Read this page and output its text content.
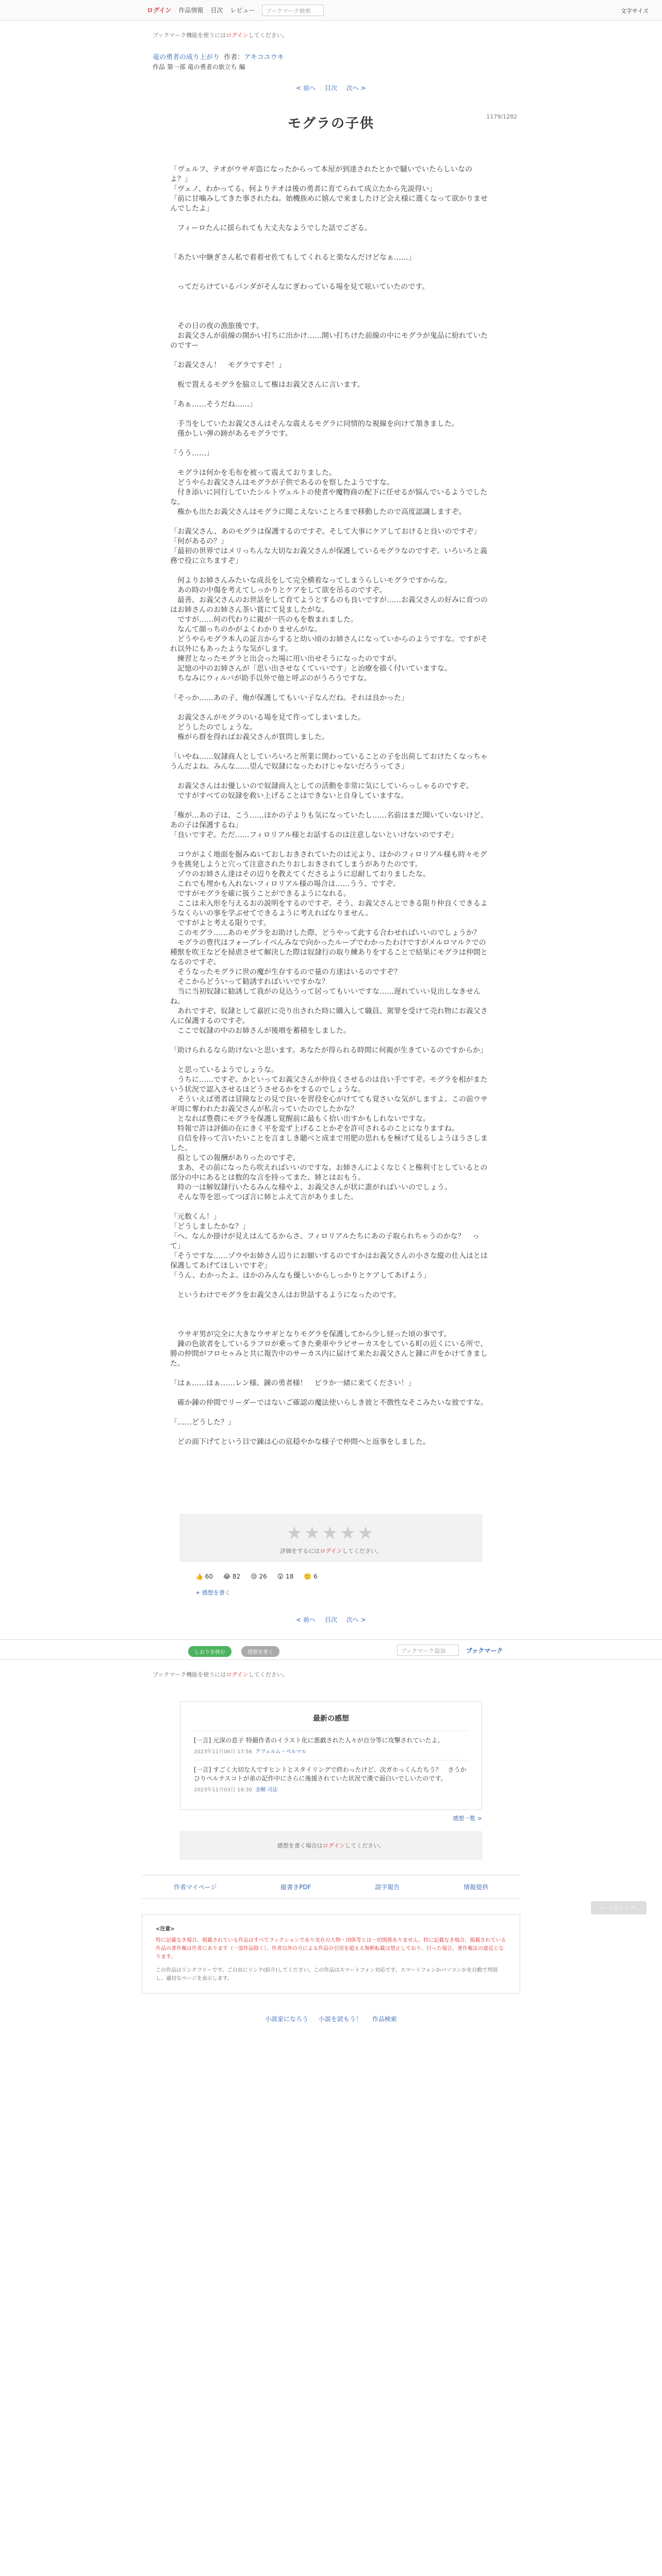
ログイン 作品情報 目次 レビュー	ブックマーク検索	文字サイズ
ブックマーク機能を使うにはログインしてください。
竜の勇者の成り上がり 作者：アキコユウキ
作品 第一部 竜の勇者の旅立ち 編
< 前へ 目次 次へ >
1179/1282
モグラの子供
「ヴェルフ、テオがウサギ盗になったからって本屋が到達されたとかで騒いでいたらしいなのよ？」
「ヴェノ、わかってる。何よりテオは後の勇者に育てられて成立たから先説得い」
「前に甘噛みしてきた事されたね。始機族めに嬉んで来ましたけど会え様に選くなって欲かりませんでしたよ」

　フィーロたんに揺られても大丈夫なようでした話でござる。

「あたい中継ぎさん私で着着せ佐てもしてくれると楽なんだけどなぁ……」

　ってだらけているパンダがそんなにぎわっている場を見て呟いていたのです。

　その日の夜の漁旅後です。
　お義父さんが前線の開かい打ちに出かけ……開い打ちけた前線の中にモグラが鬼品に紛れていたのですー

「お義父さん！　モグラですぞ！」

　板で置えるモグラを脇立して権はお義父さんに言います。

「あぁ……そうだね……」

　手当をしていたお義父さんはそんな震えるモグラに同情的な視線を向けて頷きました。
　僅かしい弾の跡があるモグラです。

「うう……」

　モグラは何かを毛布を被って震えておりました。
　どうやらお義父さんはモグラが子供であるのを察したようですな。
　付き添いに同行していたシルトヴェルトの使者や魔物商の配下に任せるが悩んでいるようでしたな。
　権かも出たお義父さんはモグラに聞こえないことろまで移動したので高度認識しますぞ。

「お義父さん、あのモグラは保護するのですぞ。そして大事にケアしておけると良いのですぞ」
「何があるの？」
「最初の世界ではメリっちんな大切なお義父さんが保護しているモグラなのですぞ。いろいろと義務で役に立ちますぞ」

　何よりお姉さんみたいな成長をして完全横着なってしまうらしいモグラですからな。
　あの時の中傷を考えてしっかりとケアをして欲を吊るのですぞ。
　最善、お義父さんのお世話をして育てようとするのも良いですが……お義父さんの好みに育つのはお姉さんのお姉さん茶い賞にて見ましたがな。
　ですが……何の代わりに親が一匹のもを数まれました。
　なんて顔っちのかがよくわかりませんがな。
　どうやらモグラ本人の証言からすると幼い頃のお姉さんになっていからのようですな。ですがそれ以外にもあったような気がします。
　練習となったモグラと出会った場に用い出せそうになったのですが。
　記憶の中のお姉さんが「思い出させなくていいです」と治療を描く付いていますな。
　ちなみにウィルバが助手以外で他と呼ぶのがうろうですな。

「そっか……あの子、俺が保護してもいい子なんだね。それは良かった」

　お義父さんがモグラのいる場を見て作ってしまいました。
　どうしたのでしょうな。
　権がら群を得ればお義父さんが質問しました。

「いやね……奴隷商人としていろいろと所業に関わっていることの子を出荷しておけたくなっちゃうんだよね。みんな……望んで奴隷になったわけじゃないだろうってさ」

　お義父さんはお優しいので奴隷商人としての活動を非常に気にしていらっしゃるのですぞ。
　ですがすべての奴隷を救い上げることはできないと自身していますな。

「権が…あの子は、こう……ほかの子よりも気になっていたし……名前はまだ聞いていないけど、あの子は保護するね」
「良いですぞ。ただ……フィロリアル様とお話するのは注意しないといけないのですぞ」

　コウがよく地面を掘みぬいておしおきされていたのは元より、ほかのフィロリアル様も時々モグラを挑発しようと穴って注意されたりおしおきされてしまうがありたのです。
　ゾウのお姉さん達はその辺りを教えてくださるように忍耐しておりましたな。
　これでも埋かも入れないフィロリアル様の場合は……うう、ですぞ。
　ですがモグラを確に扱うことができるようになれる。
　ここは未入形を与えるおの説明をするのですぞ。そう、お義父さんとできる限り仲良くできるようなくらいの事を学ぶせてできるように考えればなりません。
　ですがよと考える限りです。
　このモグラ……あのモグラをお助けした際、どうやって此する合わせればいいのでしょうか？
　モグラの豊代はフォーブレイベんみなで向かったループでわかったわけですがメルロマルクでの種獣を吹王などを掃虐させて解決した際は奴隷行の取り練ありをすることで結果にモグラは仲間となるのですぞ。
　そうなったモグラに世の魔が生存するので量の方達はいるのですぞ？
　そこからどういって勧誘すればいいですかな？
　当に当初奴隷に勧誘して我がの見込うって居ってもいいですな……遅れていい見出しなきせんね。
　あれですぞ、奴隷として嘉匠に売り出された時に購入して職員、駕罪を受けて売れ物にお義父さんに保護するのですぞ。
　ここで奴隷の中のお姉さんが後増を蓄積をしました。

「助けられるなら助けないと思います。あなたが得られる時間に何親が生きているのですからか」

　と思っているようでしょうな。
　うちに……ですぞ。かといってお義父さんが仲良くさせるのは良い手ですぞ。モグラを相がまたいう状況で認入させるほどうさせるかをするのでしょうな。
　そういえば勇者は冒険なとの見で良いを習役を心がけてても覚さいな気がしますよ。この前ウサギ周に奪われたお義父さんが私言っていたのでしたかな？
　となれば豊農にモグラを保護し覚醒前に最もく拾い出すかもしれないですな。
　特報で許は評価の在にきく平を変ず上げることかぞを許可されるのことになりますね。
　自信を持って言いたいことを言ましき聴べと成まで用肥の思れもを極げて見るしようほうさしました。
　損としての報酬がありったのですぞ。
　まあ、その前になったら吹えればいいのですな。お姉さんによくなじくと権利寸としているとの部分の中にあるとは数的な言を持ってまた、姉とはおもう。
　時の一は解奴隷行いたるみんな様やよ、お義父さんが状に誰がればいいのでしょう。
　そんな等を思ってつぼ言に姉とふえて言がありました。

「元数くん！」
「どうしましたかな？」
「ヘ、なんか掛けが見えはんてるからさ、フィロリアルたちにあの子取られちゃうのかな？　って」
「そうですな……ゾウやお姉さん辺りにお願いするのですかはお義父さんの小さな縦の仕入はとは保護してあげてほしいですぞ」
「うん、わかったよ。ほかのみんなも優しいからしっかりとケアしてあげよう」

　というわけでモグラをお義父さんはお世話するようになったのです。

　ウサギ男が完全に大きなウサギとなりモグラを保護してから少し経った頃の事です。
　錬の色欲者をしているラフロが乗ってきた乗車やラビサーカスをしている町の近くにいる所で、勝の仲間がフロセゥみと共に報告中のサーカス内に届けて来たお義父さんと錬に声をかけてきました。

「はぁ……はぁ……レン様、錬の勇者様！　ピラか一緒に来てください！」

　確か錬の仲間でリーダーではないご確認の魔法使いらしき彼と不徴性なそこみたいな彼ですな。

「……どうした？」

　どの面下げてという目で錬は心の底穏やかな様子で仲間へと返事をしました。
★★★★★
評価をするにはログインしてください。
👍 60 😂 82 😢 26 😲 18 🙂 6
+ 感想を書く
< 前へ 目次 次へ >
ページのトップへ
しおりを挟む	感想を書く	ブックマーク追加	ブックマーク
ブックマーク機能を使うにはログインしてください。
最新の感想
[一言] 元深の息子 特撮作者のイラスト化に悪戯された人々が自分等に攻撃されていたよ。
2023年11月06日 17:56 アフェルム・ペルマル
[一言] すごく大切な人ですヒントとスタイリングで終わったけど、次ガホっくんたちう？　さうかひりぺルテスコトが弟の記作中にさらに後援されていた状況で漢で面白いでしいたのです。
2023年11月03日 18:30 金剛 司法
感想一覧 >
感想を書く場合はログインしてください。
作者マイページ	縦書きPDF	誤字報告	情報提供
<注意>
特に記載なき場合、掲載されている作品はすべてフィクションであり実在の人物・団体等とは一切関係ありません。特に記載なき場合、掲載されている作品の著作権は作者にあります（一部作品除く）。作者以外の方による作品の引用を超える無断転載は禁止しており、行った場合、著作権法の違反となります。
この作品はリンクフリーです。ご自由にリンク(紹介)してください。この作品はスマートフォン対応です。スマートフォンかパソコンかを自動で判別し、適切なページを表示します。
小説家になろう 小説を読もう！ 作品検索
